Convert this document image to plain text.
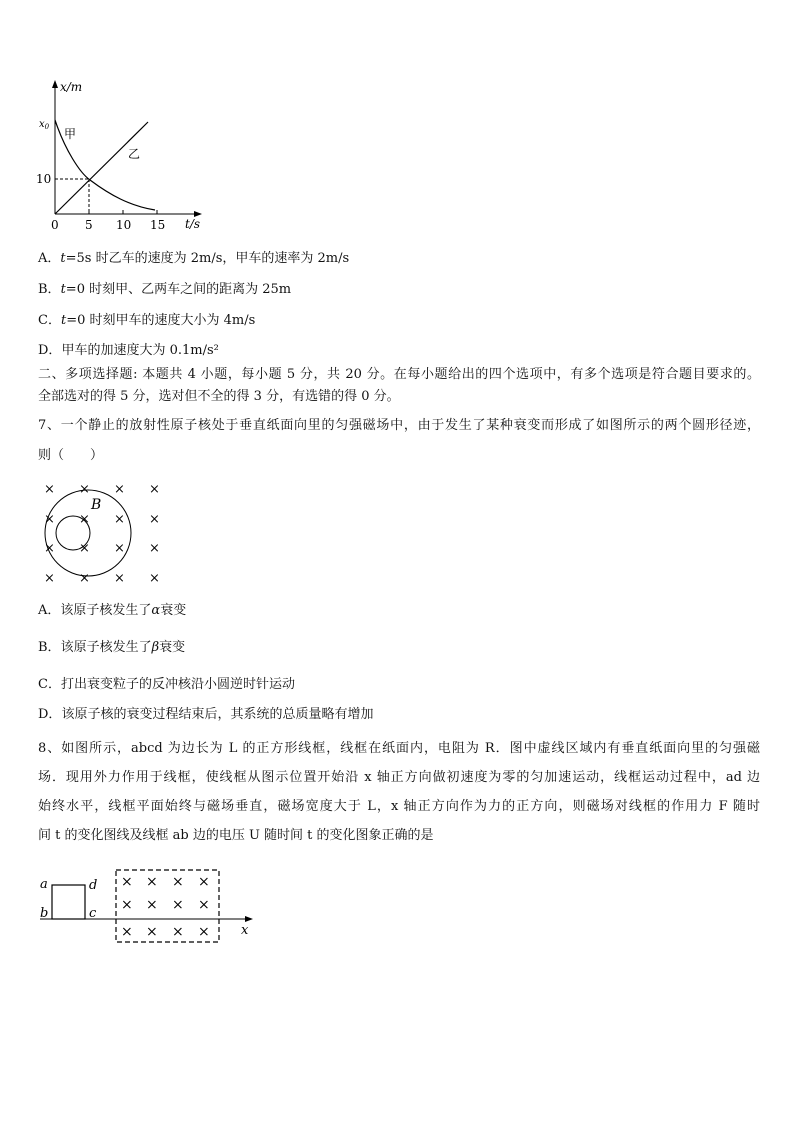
x/m
t/s
$x_0$ 甲
乙
10
0 5 10 15
A．t=5s 时乙车的速度为 2m/s，甲车的速率为 2m/s
B．t=0 时刻甲、乙两车之间的距离为 25m
C．t=0 时刻甲车的速度大小为 4m/s
D．甲车的加速度大为 0.1m/s²
二、多项选择题: 本题共 4 小题，每小题 5 分，共 20 分。在每小题给出的四个选项中，有多个选项是符合题目要求的。
全部选对的得 5 分，选对但不全的得 3 分，有选错的得 0 分。
7、一个静止的放射性原子核处于垂直纸面向里的匀强磁场中，由于发生了某种衰变而形成了如图所示的两个圆形径迹，
则（　　）
B
× × × ×
× × × ×
× × × ×
× × × ×
A．该原子核发生了α衰变
B．该原子核发生了β衰变
C．打出衰变粒子的反冲核沿小圆逆时针运动
D．该原子核的衰变过程结束后，其系统的总质量略有增加
8、如图所示，abcd 为边长为 L 的正方形线框，线框在纸面内，电阻为 R．图中虚线区域内有垂直纸面向里的匀强磁
场．现用外力作用于线框，使线框从图示位置开始沿 x 轴正方向做初速度为零的匀加速运动，线框运动过程中，ad 边
始终水平，线框平面始终与磁场垂直，磁场宽度大于 L，x 轴正方向作为力的正方向，则磁场对线框的作用力 F 随时
间 t 的变化图线及线框 ab 边的电压 U 随时间 t 的变化图象正确的是
x
a
b	c
d × × × ×
× × × ×
× × × ×
